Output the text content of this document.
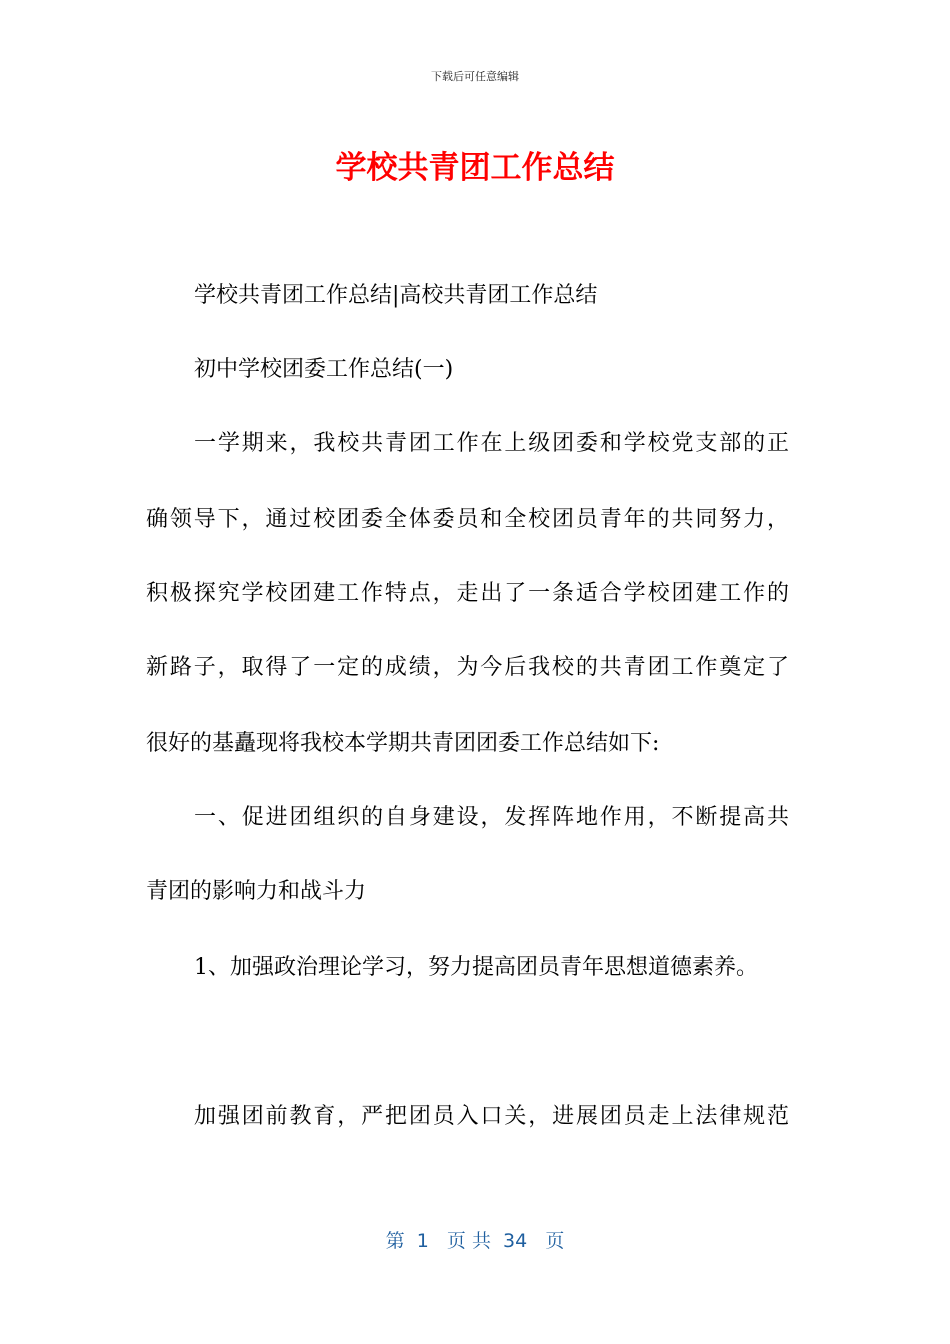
下载后可任意编辑
学校共青团工作总结
学校共青团工作总结|高校共青团工作总结
初中学校团委工作总结(一)
一学期来，我校共青团工作在上级团委和学校党支部的正
确领导下，通过校团委全体委员和全校团员青年的共同努力，
积极探究学校团建工作特点，走出了一条适合学校团建工作的
新路子，取得了一定的成绩，为今后我校的共青团工作奠定了
很好的基矗现将我校本学期共青团团委工作总结如下:
一、促进团组织的自身建设，发挥阵地作用，不断提高共
青团的影响力和战斗力
1、加强政治理论学习，努力提高团员青年思想道德素养。
加强团前教育，严把团员入口关，进展团员走上法律规范
第  1   页 共  34   页
